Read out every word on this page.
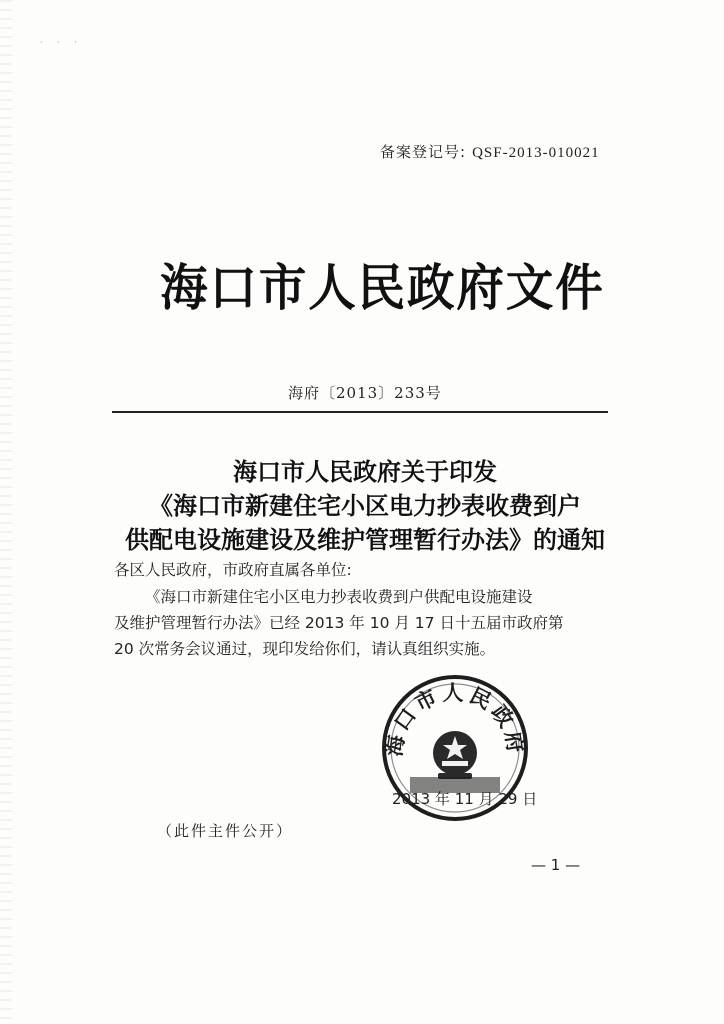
· · ·
备案登记号: QSF-2013-010021
海口市人民政府文件
海府〔2013〕233号
海口市人民政府关于印发
《海口市新建住宅小区电力抄表收费到户
供配电设施建设及维护管理暂行办法》的通知
各区人民政府，市政府直属各单位:
《海口市新建住宅小区电力抄表收费到户供配电设施建设
及维护管理暂行办法》已经 2013 年 10 月 17 日十五届市政府第
20 次常务会议通过，现印发给你们，请认真组织实施。
海口市人民政府
2013 年 11 月 29 日
（此件主件公开）
— 1 —
